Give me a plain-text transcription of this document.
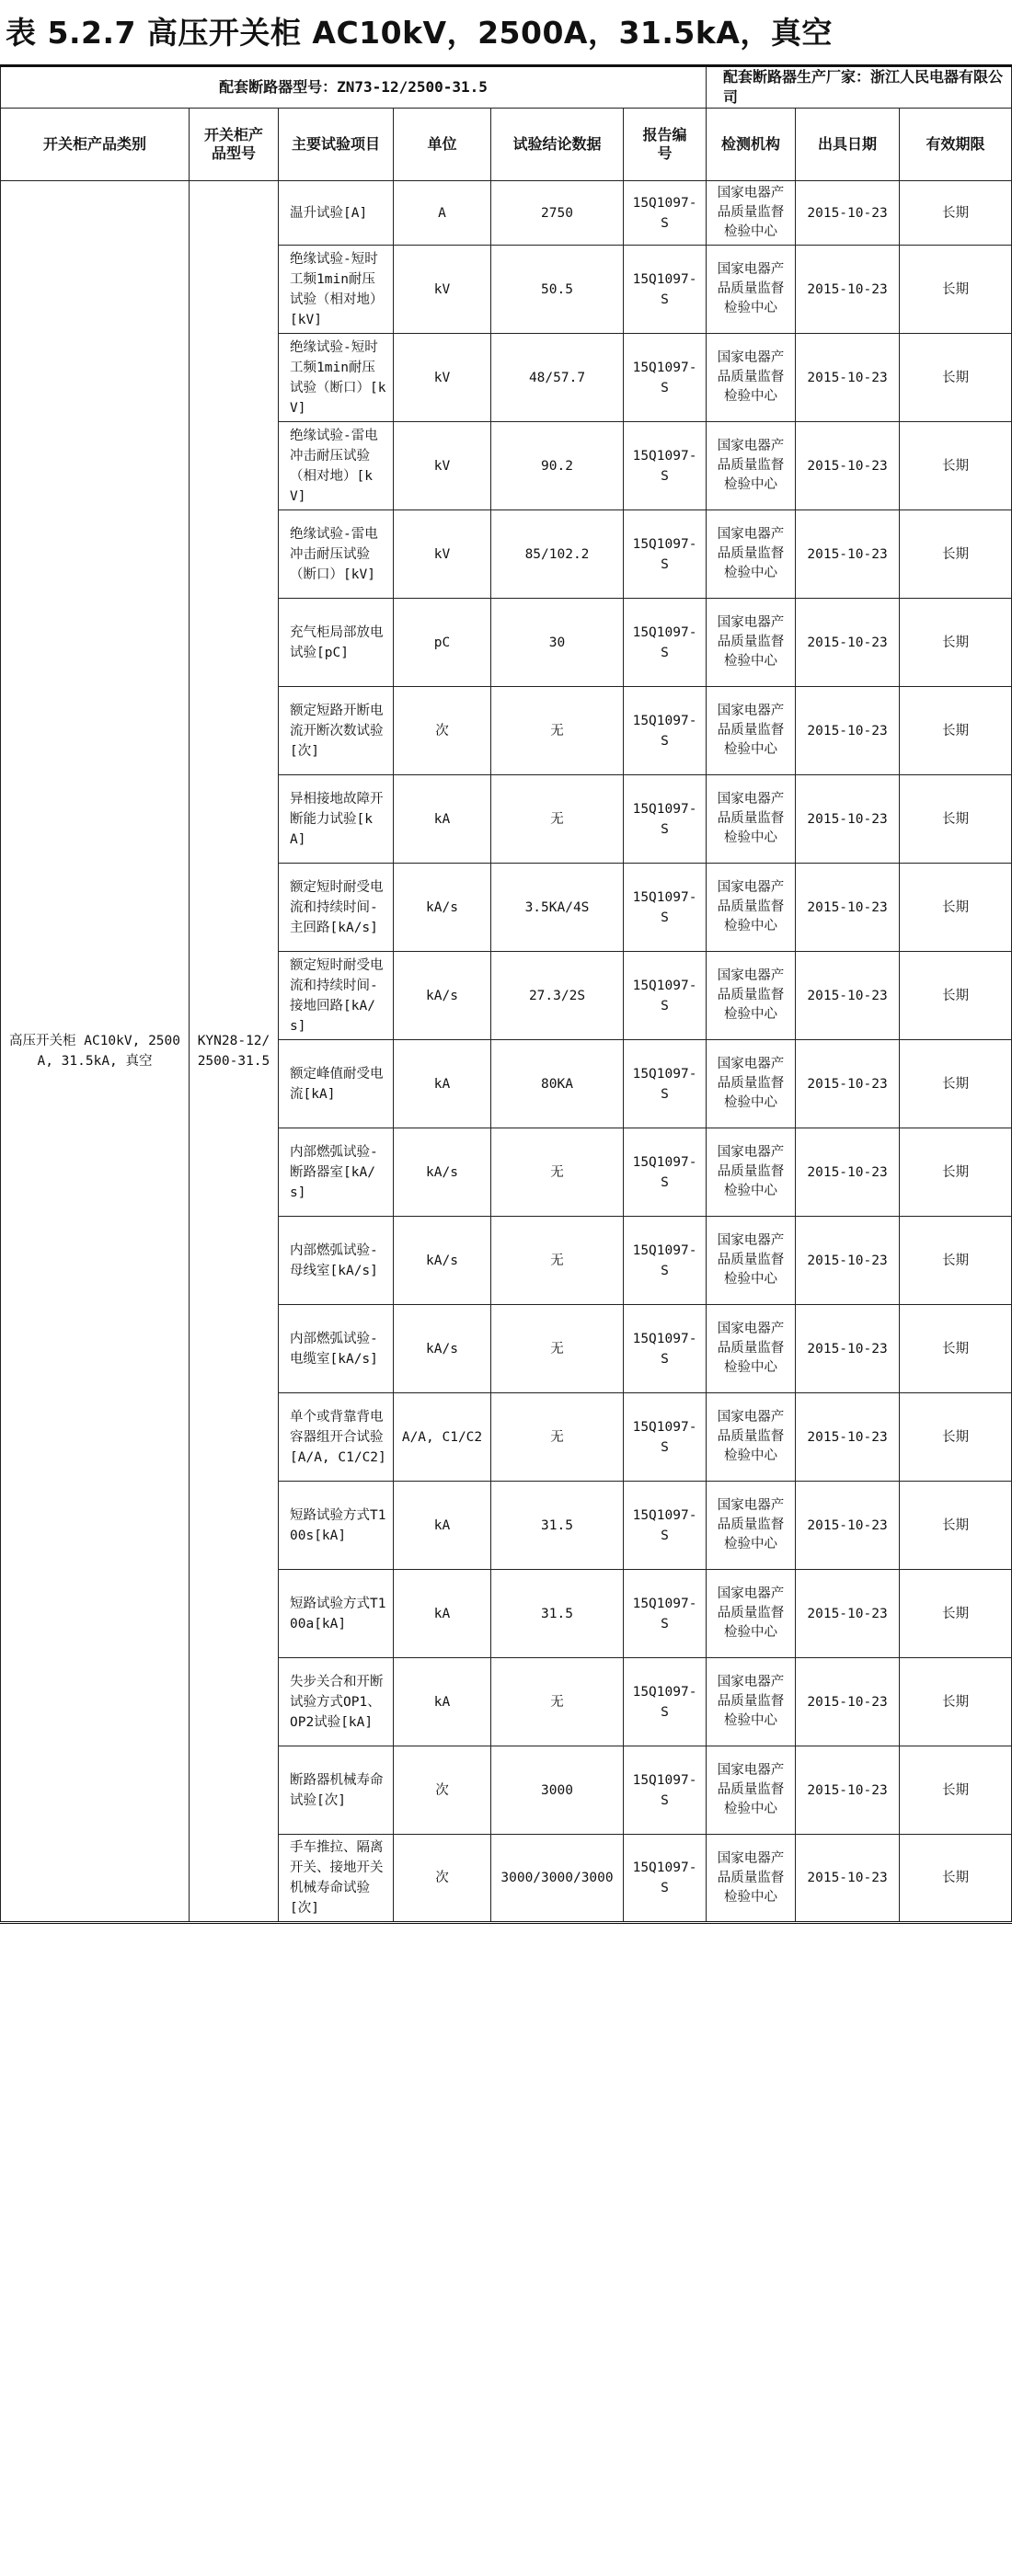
表 5.2.7 高压开关柜 AC10kV，2500A，31.5kA，真空
配套断路器型号：ZN73-12/2500-31.5						配套断路器生产厂家：浙江人民电器有限公司		
开关柜产品类别	开关柜产品型号	主要试验项目	单位	试验结论数据	报告编号	检测机构	出具日期	有效期限
高压开关柜 AC10kV, 2500A, 31.5kA, 真空	KYN28-12/2500-31.5	温升试验[A]	A	2750	15Q1097-S	国家电器产品质量监督检验中心	2015-10-23	长期
		绝缘试验-短时工频1min耐压试验（相对地）[kV]	kV	50.5	15Q1097-S	国家电器产品质量监督检验中心	2015-10-23	长期
		绝缘试验-短时工频1min耐压试验（断口）[kV]	kV	48/57.7	15Q1097-S	国家电器产品质量监督检验中心	2015-10-23	长期
		绝缘试验-雷电冲击耐压试验（相对地）[kV]	kV	90.2	15Q1097-S	国家电器产品质量监督检验中心	2015-10-23	长期
		绝缘试验-雷电冲击耐压试验（断口）[kV]	kV	85/102.2	15Q1097-S	国家电器产品质量监督检验中心	2015-10-23	长期
		充气柜局部放电试验[pC]	pC	30	15Q1097-S	国家电器产品质量监督检验中心	2015-10-23	长期
		额定短路开断电流开断次数试验[次]	次	无	15Q1097-S	国家电器产品质量监督检验中心	2015-10-23	长期
		异相接地故障开断能力试验[kA]	kA	无	15Q1097-S	国家电器产品质量监督检验中心	2015-10-23	长期
		额定短时耐受电流和持续时间-主回路[kA/s]	kA/s	3.5KA/4S	15Q1097-S	国家电器产品质量监督检验中心	2015-10-23	长期
		额定短时耐受电流和持续时间-接地回路[kA/s]	kA/s	27.3/2S	15Q1097-S	国家电器产品质量监督检验中心	2015-10-23	长期
		额定峰值耐受电流[kA]	kA	80KA	15Q1097-S	国家电器产品质量监督检验中心	2015-10-23	长期
		内部燃弧试验-断路器室[kA/s]	kA/s	无	15Q1097-S	国家电器产品质量监督检验中心	2015-10-23	长期
		内部燃弧试验-母线室[kA/s]	kA/s	无	15Q1097-S	国家电器产品质量监督检验中心	2015-10-23	长期
		内部燃弧试验-电缆室[kA/s]	kA/s	无	15Q1097-S	国家电器产品质量监督检验中心	2015-10-23	长期
		单个或背靠背电容器组开合试验[A/A, C1/C2]	A/A, C1/C2	无	15Q1097-S	国家电器产品质量监督检验中心	2015-10-23	长期
		短路试验方式T100s[kA]	kA	31.5	15Q1097-S	国家电器产品质量监督检验中心	2015-10-23	长期
		短路试验方式T100a[kA]	kA	31.5	15Q1097-S	国家电器产品质量监督检验中心	2015-10-23	长期
		失步关合和开断试验方式OP1、OP2试验[kA]	kA	无	15Q1097-S	国家电器产品质量监督检验中心	2015-10-23	长期
		断路器机械寿命试验[次]	次	3000	15Q1097-S	国家电器产品质量监督检验中心	2015-10-23	长期
		手车推拉、隔离开关、接地开关机械寿命试验[次]	次	3000/3000/3000	15Q1097-S	国家电器产品质量监督检验中心	2015-10-23	长期
